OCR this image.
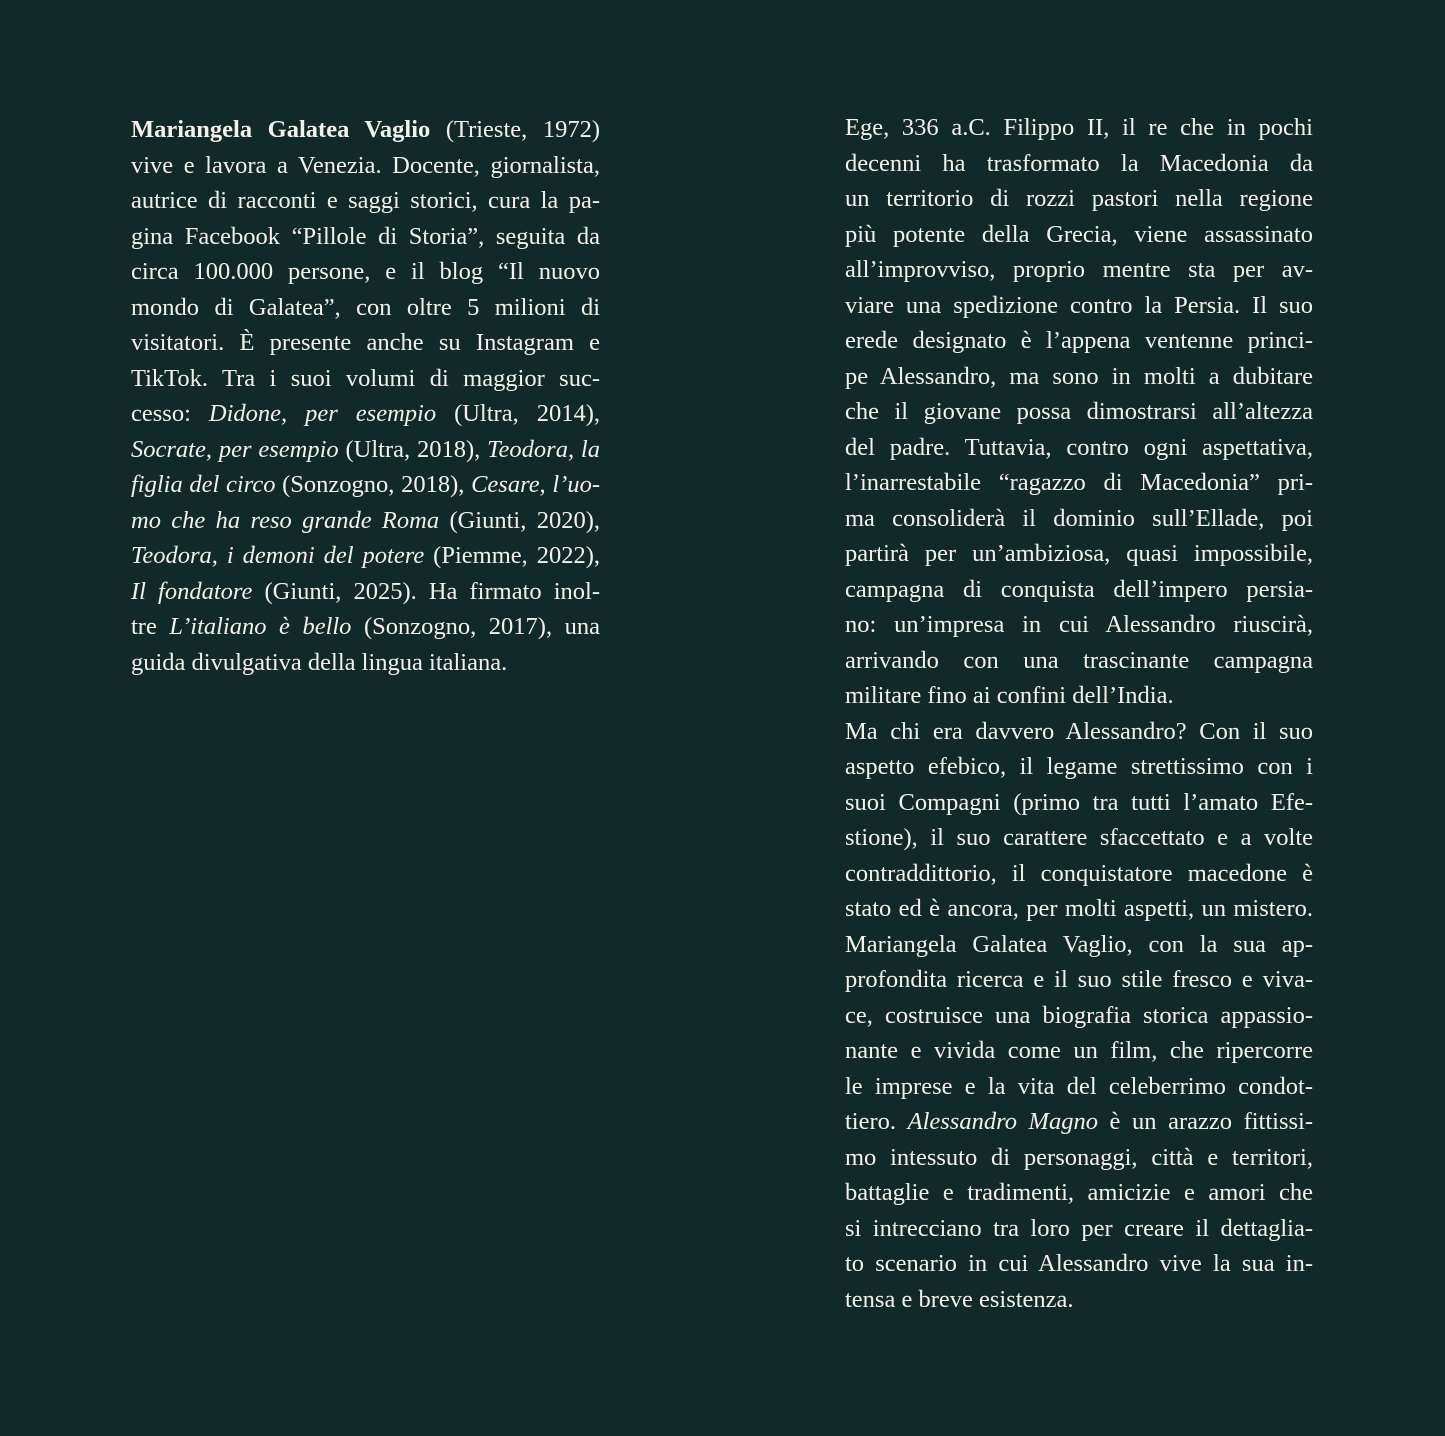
Mariangela Galatea Vaglio (Trieste, 1972)
vive e lavora a Venezia. Docente, giornalista,
autrice di racconti e saggi storici, cura la pa-
gina Facebook “Pillole di Storia”, seguita da
circa 100.000 persone, e il blog “Il nuovo
mondo di Galatea”, con oltre 5 milioni di
visitatori. È presente anche su Instagram e
TikTok. Tra i suoi volumi di maggior suc-
cesso: Didone, per esempio (Ultra, 2014),
Socrate, per esempio (Ultra, 2018), Teodora, la
figlia del circo (Sonzogno, 2018), Cesare, l’uo-
mo che ha reso grande Roma (Giunti, 2020),
Teodora, i demoni del potere (Piemme, 2022),
Il fondatore (Giunti, 2025). Ha firmato inol-
tre L’italiano è bello (Sonzogno, 2017), una
guida divulgativa della lingua italiana.
Ege, 336 a.C. Filippo II, il re che in pochi
decenni ha trasformato la Macedonia da
un territorio di rozzi pastori nella regione
più potente della Grecia, viene assassinato
all’improvviso, proprio mentre sta per av-
viare una spedizione contro la Persia. Il suo
erede designato è l’appena ventenne princi-
pe Alessandro, ma sono in molti a dubitare
che il giovane possa dimostrarsi all’altezza
del padre. Tuttavia, contro ogni aspettativa,
l’inarrestabile “ragazzo di Macedonia” pri-
ma consoliderà il dominio sull’Ellade, poi
partirà per un’ambiziosa, quasi impossibile,
campagna di conquista dell’impero persia-
no: un’impresa in cui Alessandro riuscirà,
arrivando con una trascinante campagna
militare fino ai confini dell’India.
Ma chi era davvero Alessandro? Con il suo
aspetto efebico, il legame strettissimo con i
suoi Compagni (primo tra tutti l’amato Efe-
stione), il suo carattere sfaccettato e a volte
contraddittorio, il conquistatore macedone è
stato ed è ancora, per molti aspetti, un mistero.
Mariangela Galatea Vaglio, con la sua ap-
profondita ricerca e il suo stile fresco e vivа-
ce, costruisce una biografia storica appassio-
nante e vivida come un film, che ripercorre
le imprese e la vita del celeberrimo condot-
tiero. Alessandro Magno è un arazzo fittissi-
mo intessuto di personaggi, città e territori,
battaglie e tradimenti, amicizie e amori che
si intrecciano tra loro per creare il dettaglia-
to scenario in cui Alessandro vive la sua in-
tensa e breve esistenza.
